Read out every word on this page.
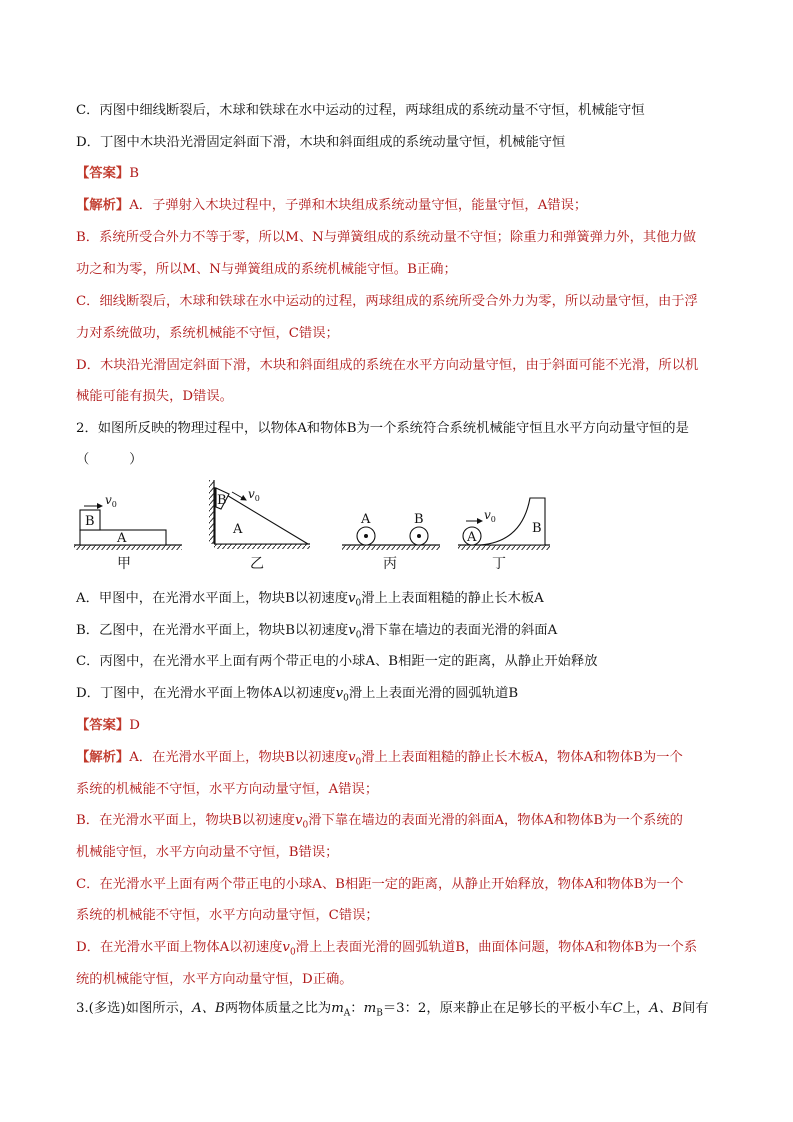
C．丙图中细线断裂后，木球和铁球在水中运动的过程，两球组成的系统动量不守恒，机械能守恒
D．丁图中木块沿光滑固定斜面下滑，木块和斜面组成的系统动量守恒，机械能守恒
【答案】B
【解析】A．子弹射入木块过程中，子弹和木块组成系统动量守恒，能量守恒，A错误；
B．系统所受合外力不等于零，所以M、N与弹簧组成的系统动量不守恒；除重力和弹簧弹力外，其他力做
功之和为零，所以M、N与弹簧组成的系统机械能守恒。B正确；
C．细线断裂后，木球和铁球在水中运动的过程，两球组成的系统所受合外力为零，所以动量守恒，由于浮
力对系统做功，系统机械能不守恒，C错误；
D．木块沿光滑固定斜面下滑，木块和斜面组成的系统在水平方向动量守恒，由于斜面可能不光滑，所以机
械能可能有损失，D错误。
2．如图所反映的物理过程中，以物体A和物体B为一个系统符合系统机械能守恒且水平方向动量守恒的是
（　　　）
$v_0$
B
A
甲
$v_0$
B
A
乙
A	B
丙
A
$v_0$
B
丁
A．甲图中，在光滑水平面上，物块B以初速度$v_0$滑上上表面粗糙的静止长木板A
B．乙图中，在光滑水平面上，物块B以初速度$v_0$滑下靠在墙边的表面光滑的斜面A
C．丙图中，在光滑水平上面有两个带正电的小球A、B相距一定的距离，从静止开始释放
D．丁图中，在光滑水平面上物体A以初速度$v_0$滑上上表面光滑的圆弧轨道B
【答案】D
【解析】A．在光滑水平面上，物块B以初速度$v_0$滑上上表面粗糙的静止长木板A，物体A和物体B为一个
系统的机械能不守恒，水平方向动量守恒，A错误；
B．在光滑水平面上，物块B以初速度$v_0$滑下靠在墙边的表面光滑的斜面A，物体A和物体B为一个系统的
机械能守恒，水平方向动量不守恒，B错误；
C．在光滑水平上面有两个带正电的小球A、B相距一定的距离，从静止开始释放，物体A和物体B为一个
系统的机械能不守恒，水平方向动量守恒，C错误；
D．在光滑水平面上物体A以初速度$v_0$滑上上表面光滑的圆弧轨道B，曲面体问题，物体A和物体B为一个系
统的机械能守恒，水平方向动量守恒，D正确。
3.(多选)如图所示，A、B两物体质量之比为$m_A$：$m_B=3$：2，原来静止在足够长的平板小车C上，A、B间有
